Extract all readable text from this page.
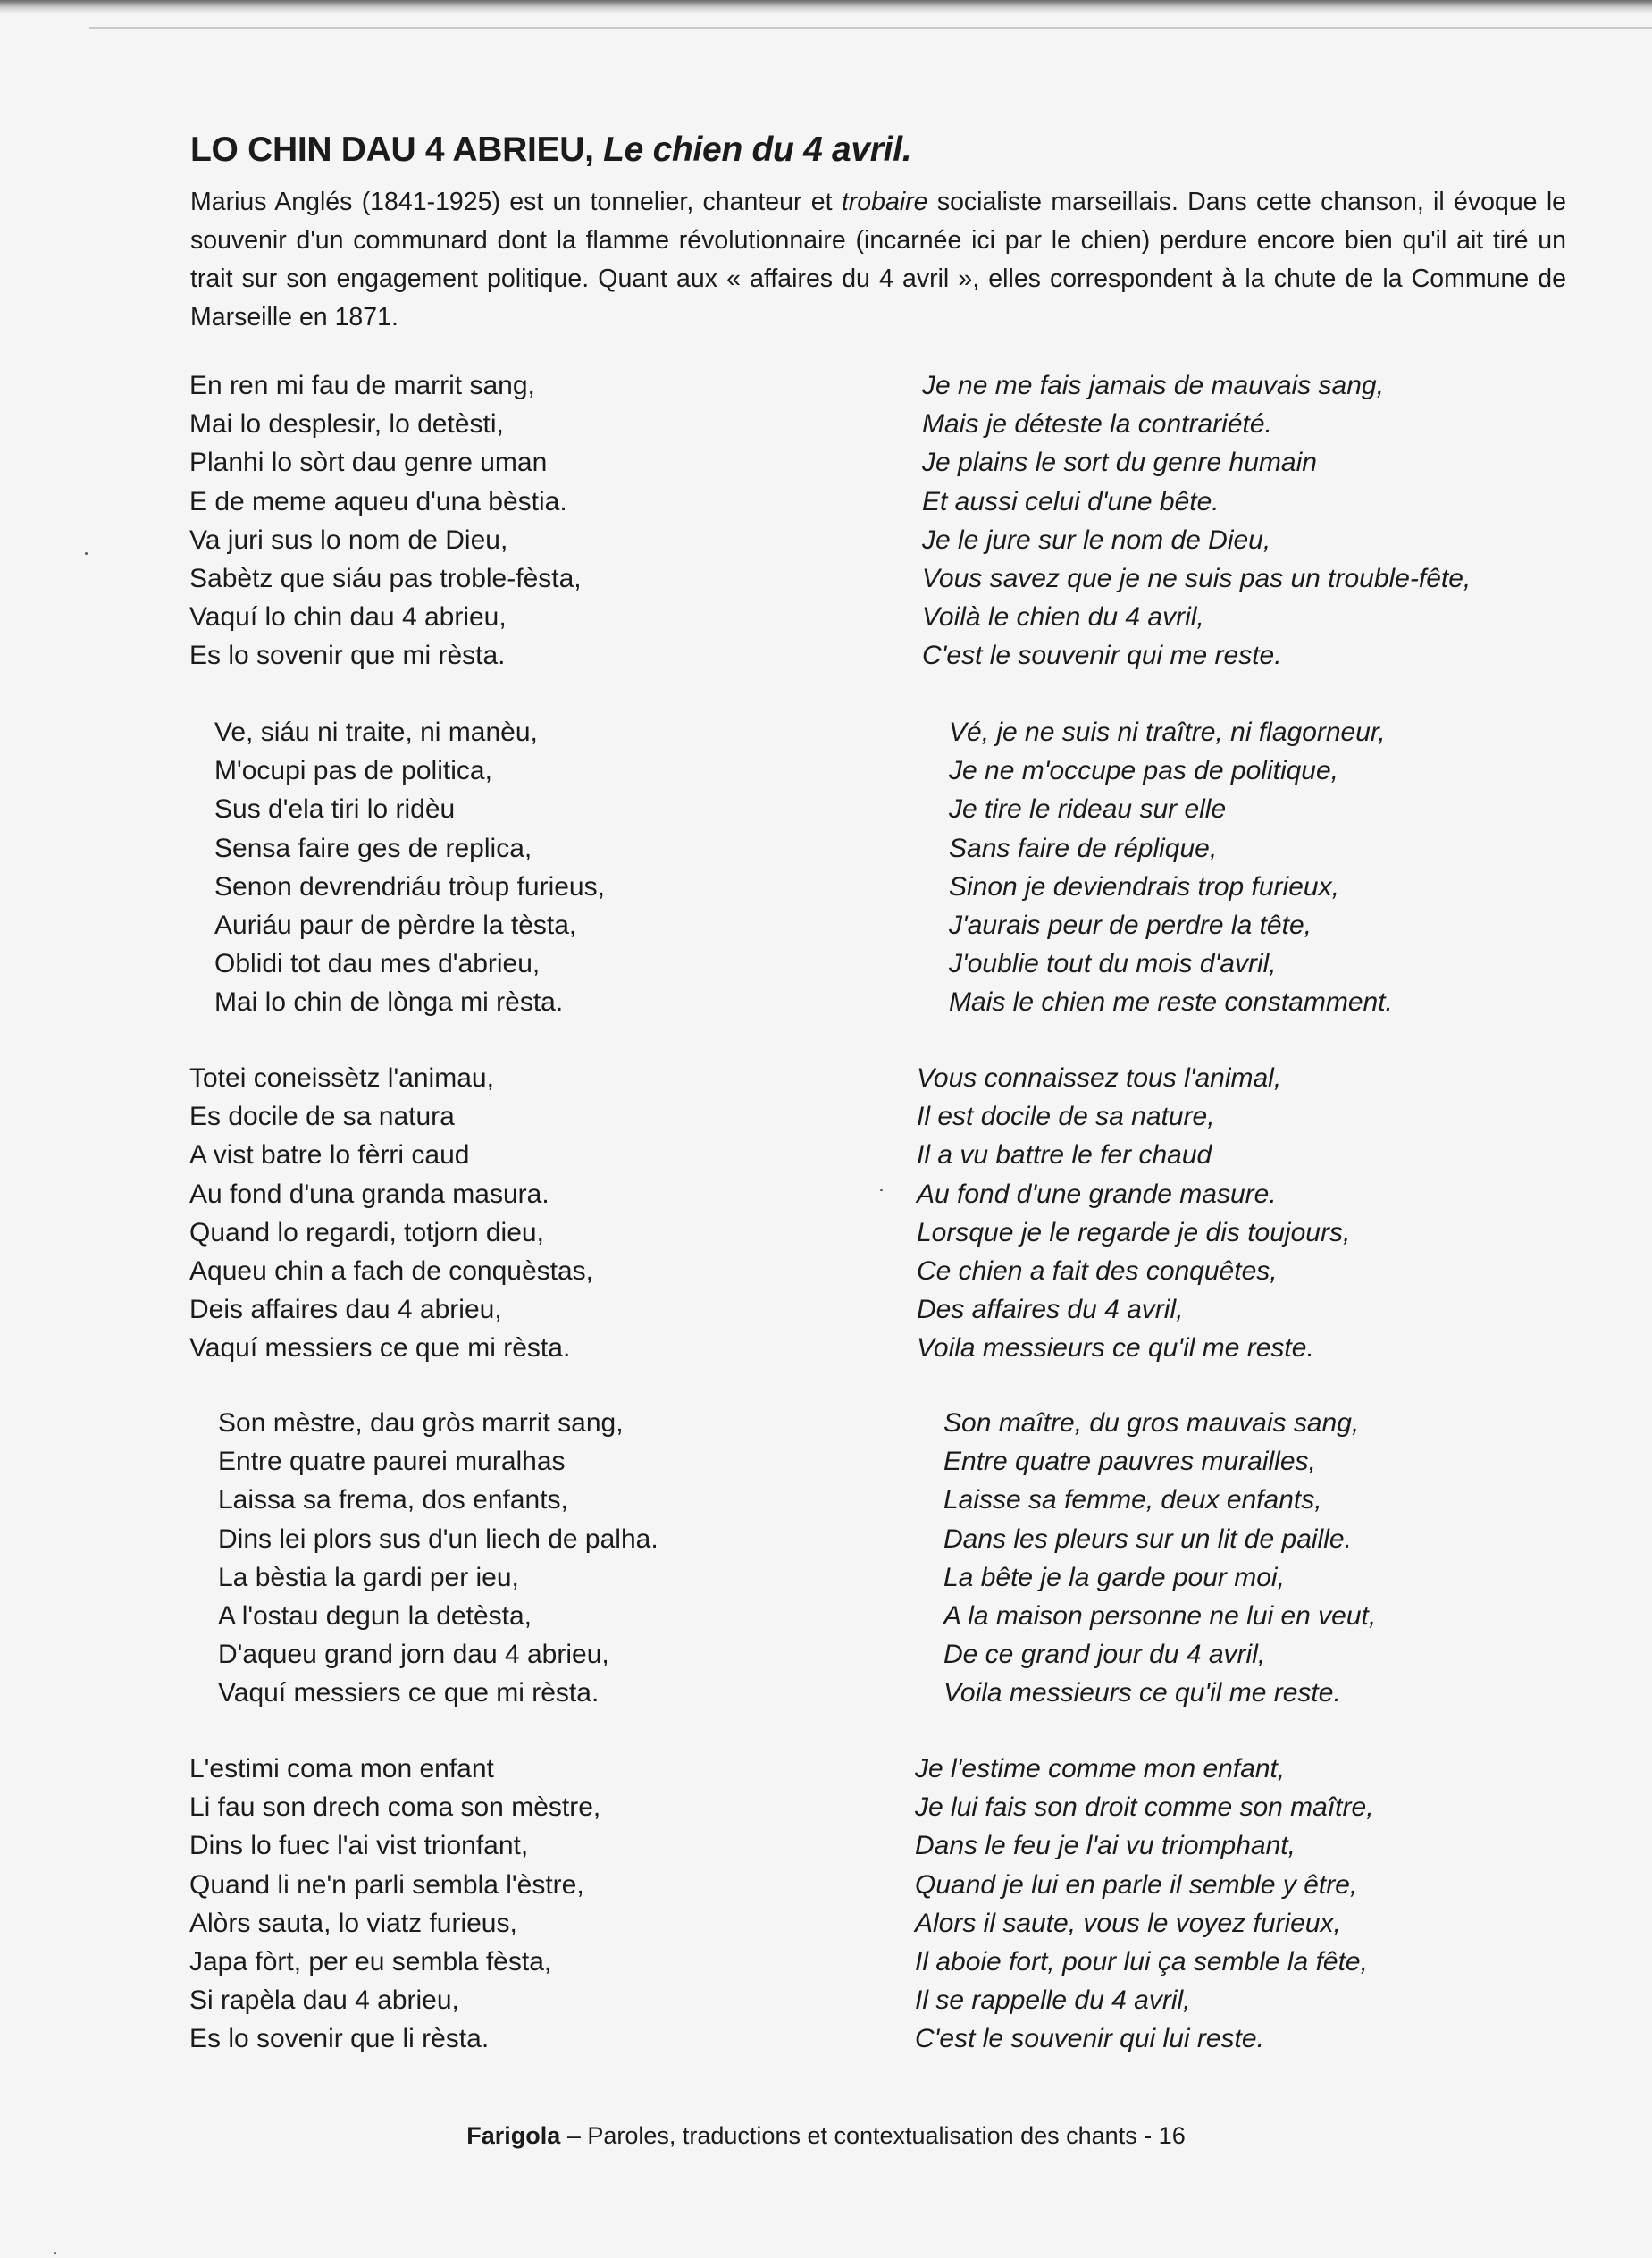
LO CHIN DAU 4 ABRIEU, Le chien du 4 avril.
Marius Anglés (1841-1925) est un tonnelier, chanteur et trobaire socialiste marseillais. Dans cette chanson, il évoque le souvenir d'un communard dont la flamme révolutionnaire (incarnée ici par le chien) perdure encore bien qu'il ait tiré un trait sur son engagement politique. Quant aux « affaires du 4 avril », elles correspondent à la chute de la Commune de Marseille en 1871.
En ren mi fau de marrit sang,
Mai lo desplesir, lo detèsti,
Planhi lo sòrt dau genre uman
E de meme aqueu d'una bèstia.
Va juri sus lo nom de Dieu,
Sabètz que siáu pas troble-fèsta,
Vaquí lo chin dau 4 abrieu,
Es lo sovenir que mi rèsta.
Ve, siáu ni traite, ni manèu,
M'ocupi pas de politica,
Sus d'ela tiri lo ridèu
Sensa faire ges de replica,
Senon devrendriáu tròup furieus,
Auriáu paur de pèrdre la tèsta,
Oblidi tot dau mes d'abrieu,
Mai lo chin de lònga mi rèsta.
Totei coneissètz l'animau,
Es docile de sa natura
A vist batre lo fèrri caud
Au fond d'una granda masura.
Quand lo regardi, totjorn dieu,
Aqueu chin a fach de conquèstas,
Deis affaires dau 4 abrieu,
Vaquí messiers ce que mi rèsta.
Son mèstre, dau gròs marrit sang,
Entre quatre paurei muralhas
Laissa sa frema, dos enfants,
Dins lei plors sus d'un liech de palha.
La bèstia la gardi per ieu,
A l'ostau degun la detèsta,
D'aqueu grand jorn dau 4 abrieu,
Vaquí messiers ce que mi rèsta.
L'estimi coma mon enfant
Li fau son drech coma son mèstre,
Dins lo fuec l'ai vist trionfant,
Quand li ne'n parli sembla l'èstre,
Alòrs sauta, lo viatz furieus,
Japa fòrt, per eu sembla fèsta,
Si rapèla dau 4 abrieu,
Es lo sovenir que li rèsta.
Je ne me fais jamais de mauvais sang,
Mais je déteste la contrariété.
Je plains le sort du genre humain
Et aussi celui d'une bête.
Je le jure sur le nom de Dieu,
Vous savez que je ne suis pas un trouble-fête,
Voilà le chien du 4 avril,
C'est le souvenir qui me reste.
Vé, je ne suis ni traître, ni flagorneur,
Je ne m'occupe pas de politique,
Je tire le rideau sur elle
Sans faire de réplique,
Sinon je deviendrais trop furieux,
J'aurais peur de perdre la tête,
J'oublie tout du mois d'avril,
Mais le chien me reste constamment.
Vous connaissez tous l'animal,
Il est docile de sa nature,
Il a vu battre le fer chaud
Au fond d'une grande masure.
Lorsque je le regarde je dis toujours,
Ce chien a fait des conquêtes,
Des affaires du 4 avril,
Voila messieurs ce qu'il me reste.
Son maître, du gros mauvais sang,
Entre quatre pauvres murailles,
Laisse sa femme, deux enfants,
Dans les pleurs sur un lit de paille.
La bête je la garde pour moi,
A la maison personne ne lui en veut,
De ce grand jour du 4 avril,
Voila messieurs ce qu'il me reste.
Je l'estime comme mon enfant,
Je lui fais son droit comme son maître,
Dans le feu je l'ai vu triomphant,
Quand je lui en parle il semble y être,
Alors il saute, vous le voyez furieux,
Il aboie fort, pour lui ça semble la fête,
Il se rappelle du 4 avril,
C'est le souvenir qui lui reste.
Farigola – Paroles, traductions et contextualisation des chants - 16
